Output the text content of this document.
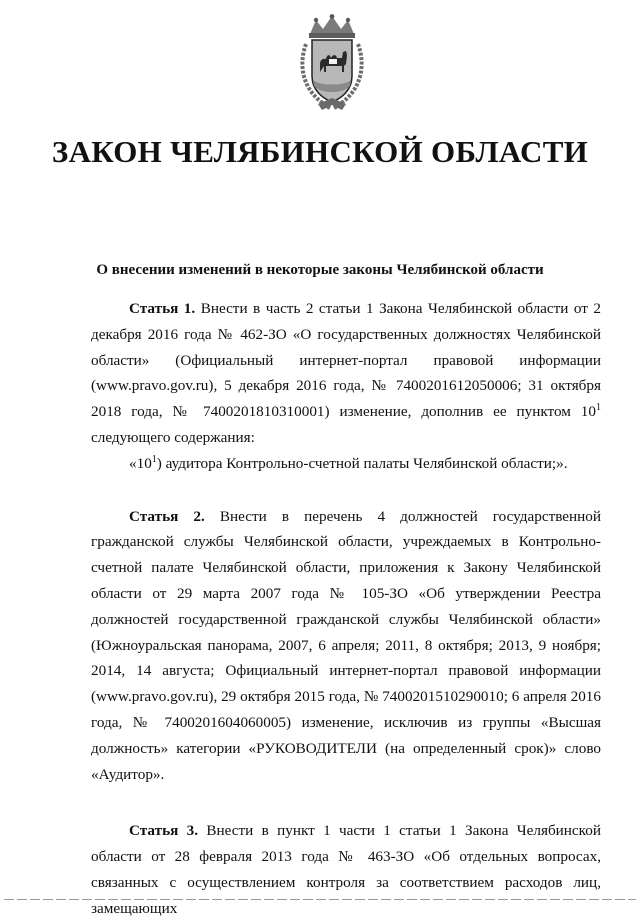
ЗАКОН ЧЕЛЯБИНСКОЙ ОБЛАСТИ
О внесении изменений в некоторые законы Челябинской области

Статья 1. Внести в часть 2 статьи 1 Закона Челябинской области от 2 декабря 2016 года № 462-ЗО «О государственных должностях Челябинской области» (Официальный интернет-портал правовой информации (www.pravo.gov.ru), 5 декабря 2016 года, № 7400201612050006; 31 октября 2018 года, № 7400201810310001) изменение, дополнив ее пунктом $10^1$ следующего содержания:

«$10^1$) аудитора Контрольно-счетной палаты Челябинской области;».

Статья 2. Внести в перечень 4 должностей государственной гражданской службы Челябинской области, учреждаемых в Контрольно-счетной палате Челябинской области, приложения к Закону Челябинской области от 29 марта 2007 года № 105-ЗО «Об утверждении Реестра должностей государственной гражданской службы Челябинской области» (Южноуральская панорама, 2007, 6 апреля; 2011, 8 октября; 2013, 9 ноября; 2014, 14 августа; Официальный интернет-портал правовой информации (www.pravo.gov.ru), 29 октября 2015 года, № 7400201510290010; 6 апреля 2016 года, № 7400201604060005) изменение, исключив из группы «Высшая должность» категории «РУКОВОДИТЕЛИ (на определенный срок)» слово «Аудитор».

Статья 3. Внести в пункт 1 части 1 статьи 1 Закона Челябинской области от 28 февраля 2013 года № 463-ЗО «Об отдельных вопросах, связанных с осуществлением контроля за соответствием расходов лиц, замещающих
